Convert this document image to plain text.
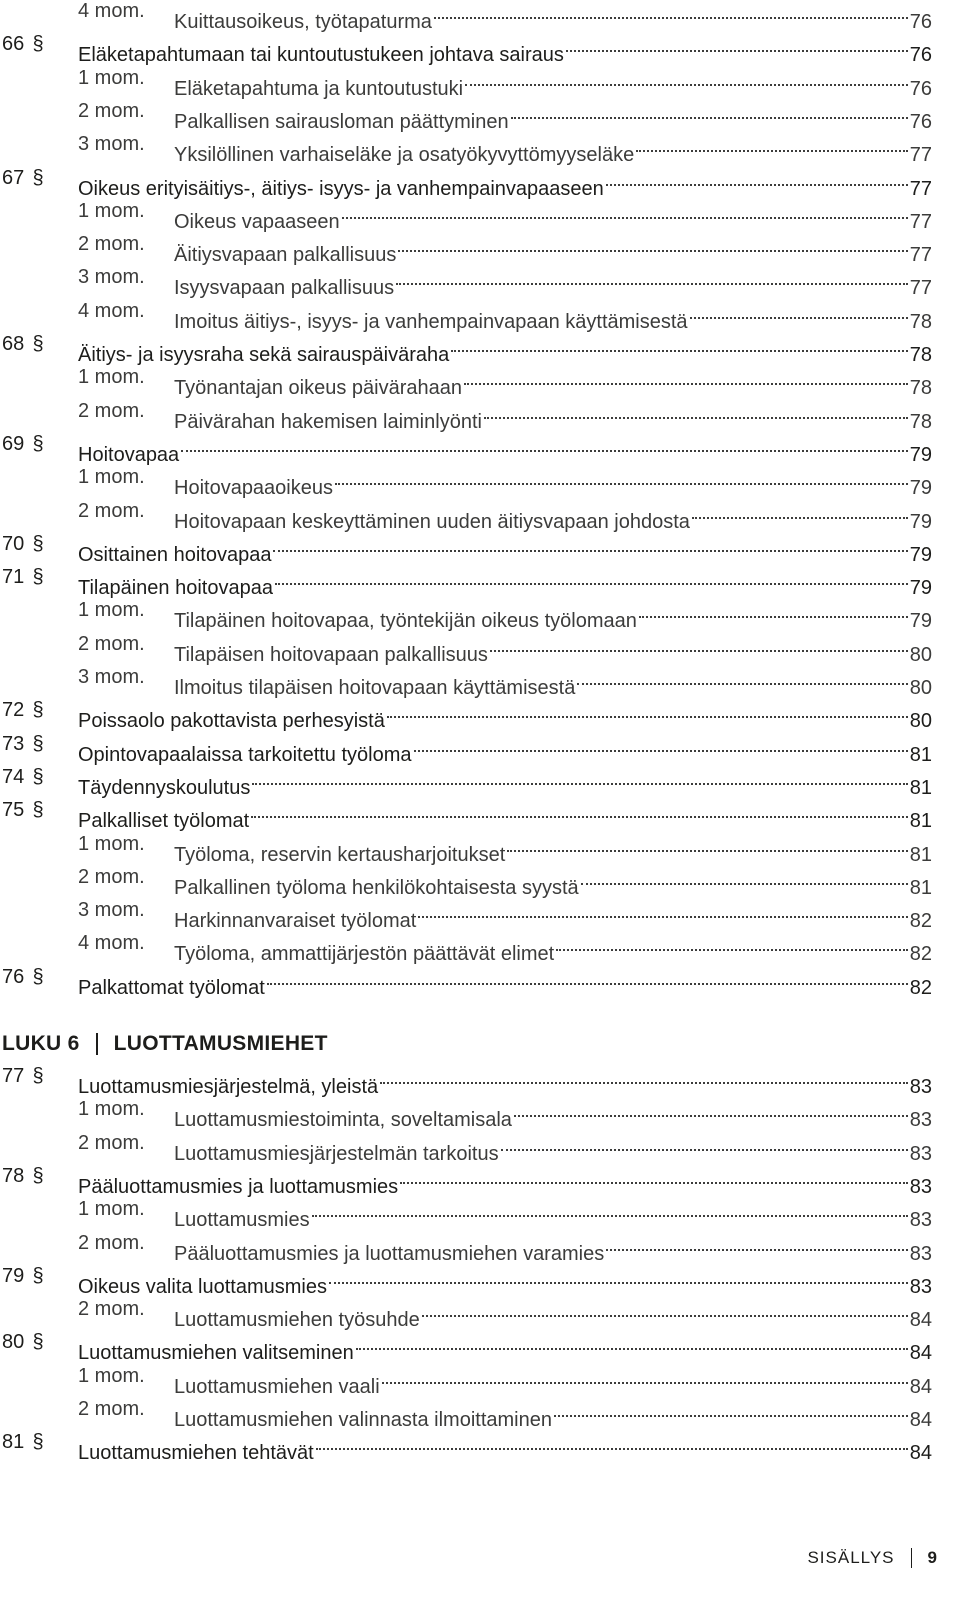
4 mom.	Kuittausoikeus, työtapaturma	76
66 § Eläketapahtumaan tai kuntoutustukeen johtava sairaus	76
1 mom.	Eläketapahtuma ja kuntoutustuki	76
2 mom.	Palkallisen sairausloman päättyminen	76
3 mom.	Yksilöllinen varhaiseläke ja osatyökyvyttömyyseläke	77
67 § Oikeus erityisäitiys-, äitiys- isyys- ja vanhempainvapaaseen	77
1 mom.	Oikeus vapaaseen	77
2 mom.	Äitiysvapaan palkallisuus	77
3 mom.	Isyysvapaan palkallisuus	77
4 mom.	Imoitus äitiys-, isyys- ja vanhempainvapaan käyttämisestä	78
68 § Äitiys- ja isyysraha sekä sairauspäiväraha	78
1 mom.	Työnantajan oikeus päivärahaan	78
2 mom.	Päivärahan hakemisen laiminlyönti	78
69 § Hoitovapaa	79
1 mom.	Hoitovapaaoikeus	79
2 mom.	Hoitovapaan keskeyttäminen uuden äitiysvapaan johdosta	79
70 § Osittainen hoitovapaa	79
71 § Tilapäinen hoitovapaa	79
1 mom.	Tilapäinen hoitovapaa, työntekijän oikeus työlomaan	79
2 mom.	Tilapäisen hoitovapaan palkallisuus	80
3 mom.	Ilmoitus tilapäisen hoitovapaan käyttämisestä	80
72 § Poissaolo pakottavista perhesyistä	80
73 § Opintovapaalaissa tarkoitettu työloma	81
74 § Täydennyskoulutus	81
75 § Palkalliset työlomat	81
1 mom.	Työloma, reservin kertausharjoitukset	81
2 mom.	Palkallinen työloma henkilökohtaisesta syystä	81
3 mom.	Harkinnanvaraiset työlomat	82
4 mom.	Työloma, ammattijärjestön päättävät elimet	82
76 § Palkattomat työlomat	82
77 § Luottamusmiesjärjestelmä, yleistä	83
1 mom.	Luottamusmiestoiminta, soveltamisala	83
2 mom.	Luottamusmiesjärjestelmän tarkoitus	83
78 § Pääluottamusmies ja luottamusmies	83
1 mom.	Luottamusmies	83
2 mom.	Pääluottamusmies ja luottamusmiehen varamies	83
79 § Oikeus valita luottamusmies	83
2 mom.	Luottamusmiehen työsuhde	84
80 § Luottamusmiehen valitseminen	84
1 mom.	Luottamusmiehen vaali	84
2 mom.	Luottamusmiehen valinnasta ilmoittaminen	84
81 § Luottamusmiehen tehtävät	84
LUKU 6 LUOTTAMUSMIEHET
SISÄLLYS 9
